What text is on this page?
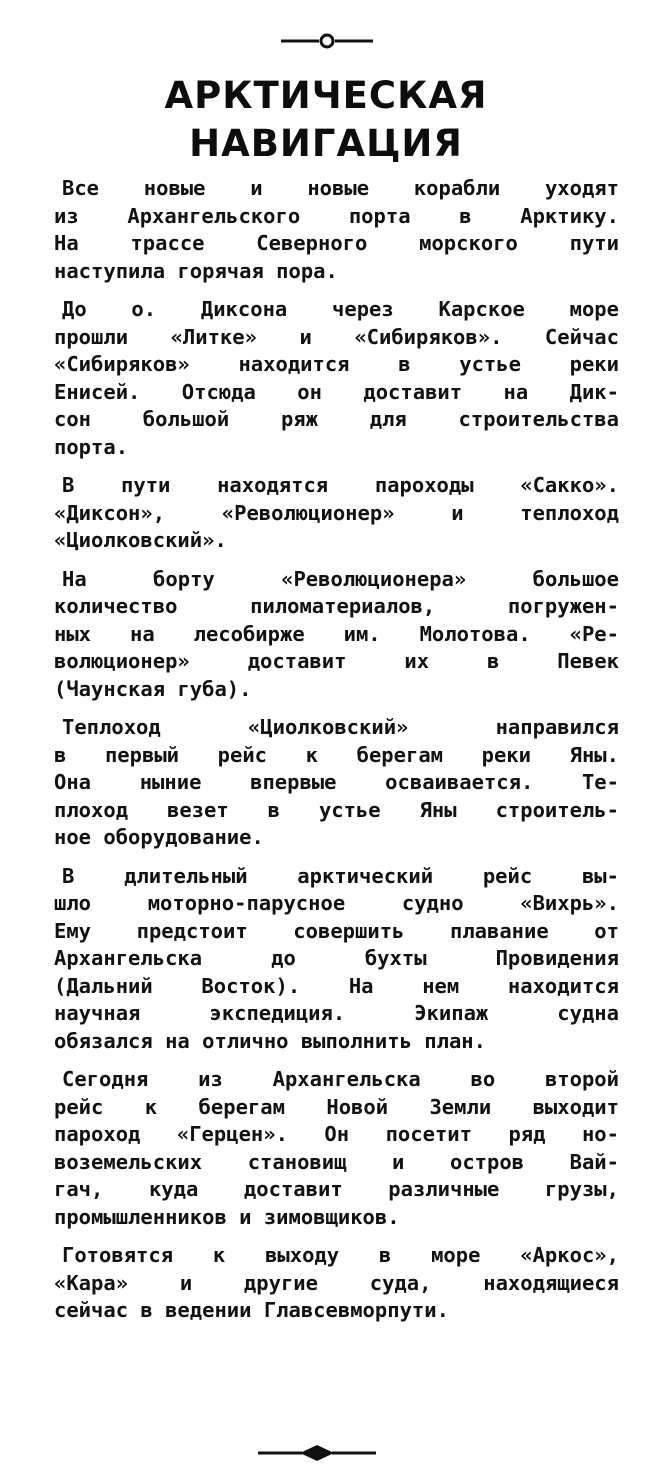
АРКТИЧЕСКАЯ
НАВИГАЦИЯ

Все новые и новые корабли уходят
из Архангельского порта в Арктику.
На трассе Северного морского пути
наступила горячая пора.

До о. Диксона через Карское море
прошли «Литке» и «Сибиряков». Сейчас
«Сибиряков» находится в устье реки
Енисей. Отсюда он доставит на Дик-
сон большой ряж для строительства
порта.

В пути находятся пароходы «Сакко».
«Диксон», «Революционер» и теплоход
«Циолковский».

На борту «Революционера» большое
количество пиломатериалов, погружен-
ных на лесобирже им. Молотова. «Ре-
волюционер» доставит их в Певек
(Чаунская губа).

Теплоход «Циолковский» направился
в первый рейс к берегам реки Яны.
Она ныние впервые осваивается. Те-
плоход везет в устье Яны строитель-
ное оборудование.

В длительный арктический рейс вы-
шло моторно-парусное судно «Вихрь».
Ему предстоит совершить плавание от
Архангельска до бухты Провидения
(Дальний Восток). На нем находится
научная экспедиция. Экипаж судна
обязался на отлично выполнить план.

Сегодня из Архангельска во второй
рейс к берегам Новой Земли выходит
пароход «Герцен». Он посетит ряд но-
воземельских становищ и остров Вай-
гач, куда доставит различные грузы,
промышленников и зимовщиков.

Готовятся к выходу в море «Аркос»,
«Кара» и другие суда, находящиеся
сейчас в ведении Главсевморпути.
